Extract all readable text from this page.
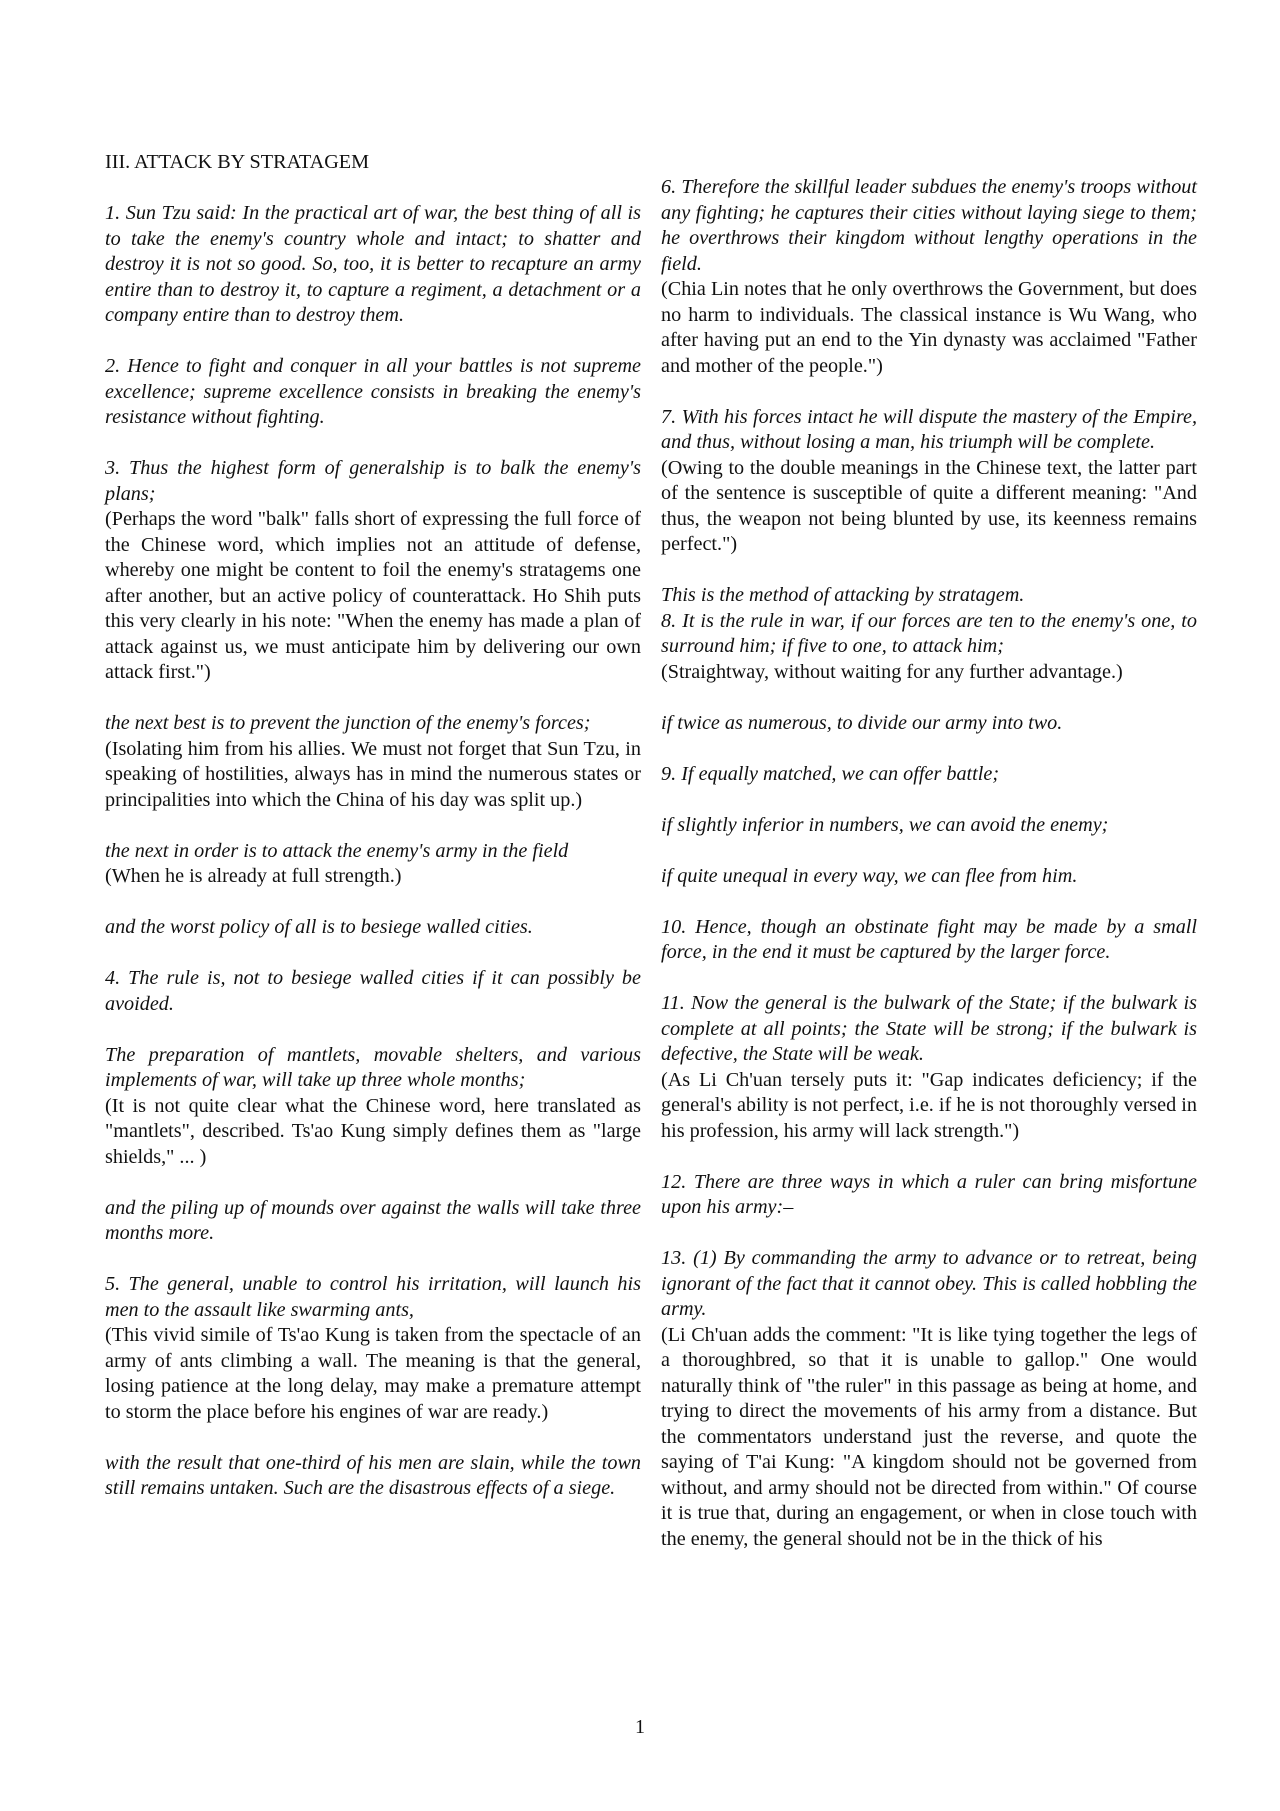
III. ATTACK BY STRATAGEM

1. Sun Tzu said: In the practical art of war, the best thing of all is to take the enemy's country whole and intact; to shatter and destroy it is not so good. So, too, it is better to recapture an army entire than to destroy it, to capture a regiment, a detachment or a company entire than to destroy them.

2. Hence to fight and conquer in all your battles is not supreme excellence; supreme excellence consists in breaking the enemy's resistance without fighting.

3. Thus the highest form of generalship is to balk the enemy's plans;

(Perhaps the word "balk" falls short of expressing the full force of the Chinese word, which implies not an attitude of defense, whereby one might be content to foil the enemy's stratagems one after another, but an active policy of counterattack. Ho Shih puts this very clearly in his note: "When the enemy has made a plan of attack against us, we must anticipate him by delivering our own attack first.")

the next best is to prevent the junction of the enemy's forces;

(Isolating him from his allies. We must not forget that Sun Tzu, in speaking of hostilities, always has in mind the numerous states or principalities into which the China of his day was split up.)

the next in order is to attack the enemy's army in the field

(When he is already at full strength.)

and the worst policy of all is to besiege walled cities.

4. The rule is, not to besiege walled cities if it can possibly be avoided.

The preparation of mantlets, movable shelters, and various implements of war, will take up three whole months;

(It is not quite clear what the Chinese word, here translated as "mantlets", described. Ts'ao Kung simply defines them as "large shields," ... )

and the piling up of mounds over against the walls will take three months more.

5. The general, unable to control his irritation, will launch his men to the assault like swarming ants,

(This vivid simile of Ts'ao Kung is taken from the spectacle of an army of ants climbing a wall. The meaning is that the general, losing patience at the long delay, may make a premature attempt to storm the place before his engines of war are ready.)

with the result that one-third of his men are slain, while the town still remains untaken. Such are the disastrous effects of a siege.

6. Therefore the skillful leader subdues the enemy's troops without any fighting; he captures their cities without laying siege to them; he overthrows their kingdom without lengthy operations in the field.

(Chia Lin notes that he only overthrows the Government, but does no harm to individuals. The classical instance is Wu Wang, who after having put an end to the Yin dynasty was acclaimed "Father and mother of the people.")

7. With his forces intact he will dispute the mastery of the Empire, and thus, without losing a man, his triumph will be complete.

(Owing to the double meanings in the Chinese text, the latter part of the sentence is susceptible of quite a different meaning: "And thus, the weapon not being blunted by use, its keenness remains perfect.")

This is the method of attacking by stratagem.

8. It is the rule in war, if our forces are ten to the enemy's one, to surround him; if five to one, to attack him;

(Straightway, without waiting for any further advantage.)

if twice as numerous, to divide our army into two.

9. If equally matched, we can offer battle;

if slightly inferior in numbers, we can avoid the enemy;

if quite unequal in every way, we can flee from him.

10. Hence, though an obstinate fight may be made by a small force, in the end it must be captured by the larger force.

11. Now the general is the bulwark of the State; if the bulwark is complete at all points; the State will be strong; if the bulwark is defective, the State will be weak.

(As Li Ch'uan tersely puts it: "Gap indicates deficiency; if the general's ability is not perfect, i.e. if he is not thoroughly versed in his profession, his army will lack strength.")

12. There are three ways in which a ruler can bring misfortune upon his army:–

13. (1) By commanding the army to advance or to retreat, being ignorant of the fact that it cannot obey. This is called hobbling the army.

(Li Ch'uan adds the comment: "It is like tying together the legs of a thoroughbred, so that it is unable to gallop." One would naturally think of "the ruler" in this passage as being at home, and trying to direct the movements of his army from a distance. But the commentators understand just the reverse, and quote the saying of T'ai Kung: "A kingdom should not be governed from without, and army should not be directed from within." Of course it is true that, during an engagement, or when in close touch with the enemy, the general should not be in the thick of his

1
